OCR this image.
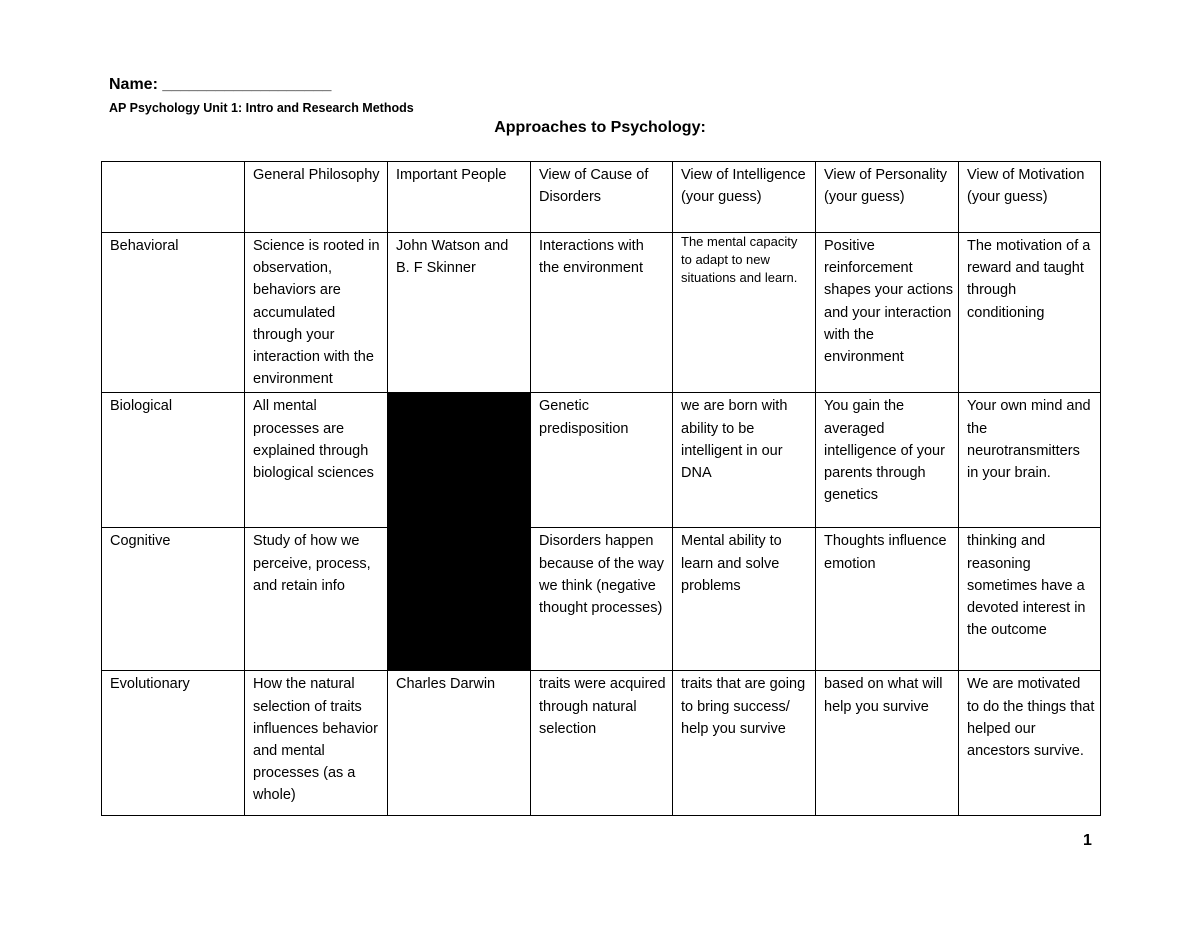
Name: ___________________
AP Psychology Unit 1: Intro and Research Methods
Approaches to Psychology:
	General Philosophy	Important People	View of Cause of Disorders	View of Intelligence (your guess)	View of Personality (your guess)	View of Motivation (your guess)
Behavioral	Science is rooted in observation, behaviors are accumulated through your interaction with the environment	John Watson and B. F Skinner	Interactions with the environment	The mental capacity to adapt to new situations and learn.	Positive reinforcement shapes your actions and your interaction with the environment	The motivation of a reward and taught through conditioning
Biological	All mental processes are explained through biological sciences		Genetic predisposition	we are born with ability to be intelligent in our DNA	You gain the averaged intelligence of your parents through genetics	Your own mind and the neurotransmitters in your brain.
Cognitive	Study of how we perceive, process, and retain info		Disorders happen because of the way we think (negative thought processes)	Mental ability to learn and solve problems	Thoughts influence emotion	thinking and reasoning sometimes have a devoted interest in the outcome
Evolutionary	How the natural selection of traits influences behavior and mental processes (as a whole)	Charles Darwin	traits were acquired through natural selection	traits that are going to bring success/ help you survive	based on what will help you survive	We are motivated to do the things that helped our ancestors survive.
1
